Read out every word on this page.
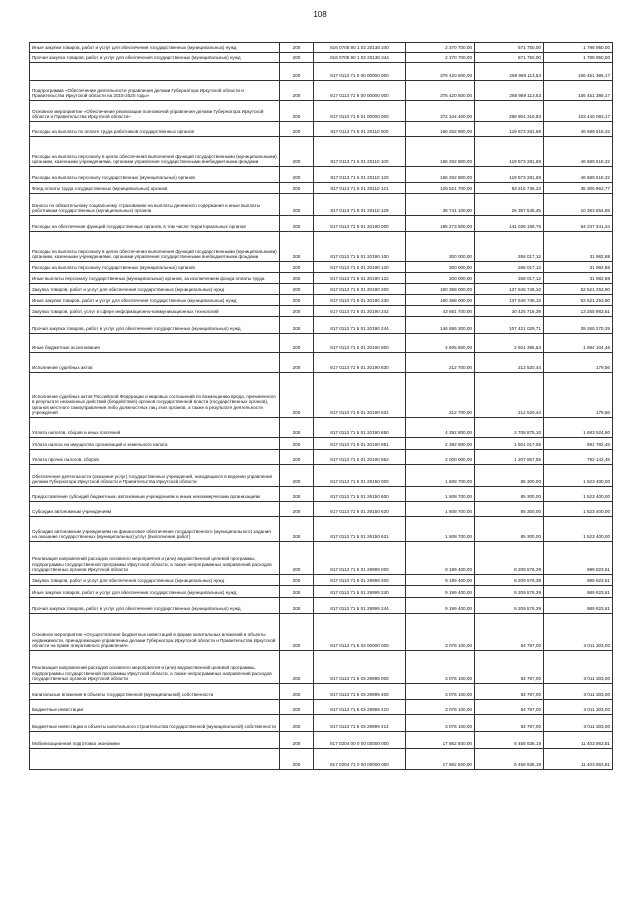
108
Иные закупки товаров, работ и услуг для обеспечения государственных (муниципальных) нужд	200	816 0705 90 1 02 20130 240	2 370 700,00	571 750,00	1 798 950,00
Прочая закупка товаров, работ и услуг для обеспечения государственных (муниципальных) нужд	200	816 0705 90 1 02 20130 244	2 370 700,00	571 750,00	1 798 950,00
	200	817 0113 71 0 00 00000 000	375 420 500,00	268 969 113,63	106 451 386,17
Подпрограмма «Обеспечение деятельности управления делами Губернатора Иркутской области и Правительства Иркутской области на 2015-2020 годы»	200	817 0113 71 5 00 00000 000	375 420 500,00	268 969 113,63	106 451 386,17
Основное мероприятие «Обеспечение реализации полномочий управления делами Губернатора Иркутской области и Правительства Иркутской области»	200	817 0113 71 5 01 00000 000	372 344 400,00	268 904 316,83	103 440 083,17
Расходы на выплаты по оплате труда работников государственных органов	200	817 0113 71 5 01 20110 000	166 262 800,00	119 573 281,68	46 689 518,32
Расходы на выплаты персоналу в целях обеспечения выполнения функций государственными (муниципальными) органами, казенными учреждениями, органами управления государственными внебюджетными фондами	200	817 0113 71 5 01 20110 100	166 262 800,00	119 573 281,68	46 689 518,32
Расходы на выплаты персоналу государственных (муниципальных) органов	200	817 0113 71 5 01 20110 120	166 262 800,00	119 573 281,68	46 689 518,32
Фонд оплаты труда государственных (муниципальных) органов	200	817 0113 71 5 01 20110 121	129 521 700,00	93 215 736,23	36 305 963,77
Взносы по обязательному социальному страхованию на выплаты денежного содержания и иные выплаты работникам государственных (муниципальных) органов	200	817 0113 71 5 01 20110 129	36 741 100,00	26 357 545,45	10 383 554,55
Расходы на обеспечение функций государственных органов, в том числе территориальных органов	200	817 0113 71 5 01 20190 000	195 273 500,00	141 036 158,76	54 237 341,24
Расходы на выплаты персоналу в целях обеспечения выполнения функций государственными (муниципальными) органами, казенными учреждениями, органами управления государственными внебюджетными фондами	200	817 0113 71 5 01 20190 100	300 000,00	268 017,12	31 982,88
Расходы на выплаты персоналу государственных (муниципальных) органов	200	817 0113 71 5 01 20190 120	300 000,00	268 017,12	31 982,88
Иные выплаты персоналу государственных (муниципальных) органов, за исключением фонда оплаты труда	200	817 0113 71 5 01 20190 122	300 000,00	268 017,12	31 982,88
Закупка товаров, работ и услуг для обеспечения государственных (муниципальных) нужд	200	817 0113 71 5 01 20190 200	190 368 000,00	137 846 746,10	52 521 253,90
Иные закупки товаров, работ и услуг для обеспечения государственных (муниципальных) нужд	200	817 0113 71 5 01 20190 240	190 368 000,00	137 846 746,10	52 521 253,90
Закупка товаров, работ, услуг в сфере информационно-коммуникационных технологий	200	817 0113 71 5 01 20190 242	43 681 700,00	30 425 716,39	13 255 983,61
Прочая закупка товаров, работ и услуг для обеспечения государственных (муниципальных) нужд	200	817 0113 71 5 01 20190 244	146 686 300,00	107 421 029,71	39 265 270,29
Иные бюджетные ассигнования	200	817 0113 71 5 01 20190 800	4 605 500,00	2 921 395,54	1 684 104,46
Исполнение судебных актов	200	817 0113 71 5 01 20190 830	212 700,00	212 520,44	179,56
Исполнение судебных актов Российской Федерации и мировых соглашений по возмещению вреда, причиненного в результате незаконных действий (бездействия) органов государственной власти (государственных органов), органов местного самоуправления либо должностных лиц этих органов, а также в результате деятельности учреждений	200	817 0113 71 5 01 20190 831	212 700,00	212 520,44	179,56
Уплата налогов, сборов и иных платежей	200	817 0113 71 5 01 20190 850	4 392 800,00	2 708 875,10	1 683 924,90
Уплата налога на имущество организаций и земельного налога	200	817 0113 71 5 01 20190 851	2 392 800,00	1 501 017,55	891 782,45
Уплата прочих налогов, сборов	200	817 0113 71 5 01 20190 852	2 000 000,00	1 207 857,55	792 142,45
Обеспечение деятельности (оказание услуг) государственных учреждений, находящихся в ведении управления делами Губернатора Иркутской области и Правительства Иркутской области	200	817 0113 71 5 01 29150 000	1 608 700,00	85 300,00	1 523 400,00
Предоставление субсидий бюджетным, автономным учреждениям и иным некоммерческим организациям	200	817 0113 71 5 01 29150 600	1 608 700,00	85 300,00	1 523 400,00
Субсидии автономным учреждениям	200	817 0113 71 5 01 29150 620	1 608 700,00	85 300,00	1 523 400,00
Субсидии автономным учреждениям на финансовое обеспечение государственного (муниципального) задания на оказание государственных (муниципальных) услуг (выполнение работ)	200	817 0113 71 5 01 29150 621	1 608 700,00	85 300,00	1 523 400,00
Реализация направлений расходов основного мероприятия и (или) ведомственной целевой программы, подпрограммы государственной программы Иркутской области, а также непрограммных направлений расходов государственных органов Иркутской области	200	817 0113 71 5 01 29999 000	9 199 400,00	8 209 576,39	989 823,61
Закупка товаров, работ и услуг для обеспечения государственных (муниципальных) нужд	200	817 0113 71 5 01 29999 200	9 199 400,00	8 209 576,39	989 823,61
Иные закупки товаров, работ и услуг для обеспечения государственных (муниципальных) нужд	200	817 0113 71 5 01 29999 240	9 199 400,00	8 209 576,39	989 823,61
Прочая закупка товаров, работ и услуг для обеспечения государственных (муниципальных) нужд	200	817 0113 71 5 01 29999 244	9 199 400,00	8 209 576,39	989 823,61
Основное мероприятие «Осуществление бюджетных инвестиций в форме капитальных вложений в объекты недвижимости, принадлежащие управлению делами Губернатора Иркутской области и Правительства Иркутской области на праве оперативного управления»	200	817 0113 71 5 03 00000 000	3 076 100,00	64 797,00	3 011 303,00
Реализация направлений расходов основного мероприятия и (или) ведомственной целевой программы, подпрограммы государственной программы Иркутской области, а также непрограммных направлений расходов государственных органов Иркутской области	200	817 0113 71 5 03 29999 000	3 076 100,00	64 797,00	3 011 303,00
Капитальные вложения в объекты государственной (муниципальной) собственности	200	817 0113 71 5 03 29999 400	3 076 100,00	64 797,00	3 011 303,00
Бюджетные инвестиции	200	817 0113 71 5 03 29999 410	3 076 100,00	64 797,00	3 011 303,00
Бюджетные инвестиции в объекты капитального строительства государственной (муниципальной) собственности	200	817 0113 71 5 03 29999 414	3 076 100,00	64 797,00	3 011 303,00
Мобилизационная подготовка экономики	200	817 0204 00 0 00 00000 000	17 862 500,00	6 458 636,19	11 403 863,81
	200	817 0204 71 0 00 00000 000	17 862 500,00	6 458 636,19	11 403 863,81
